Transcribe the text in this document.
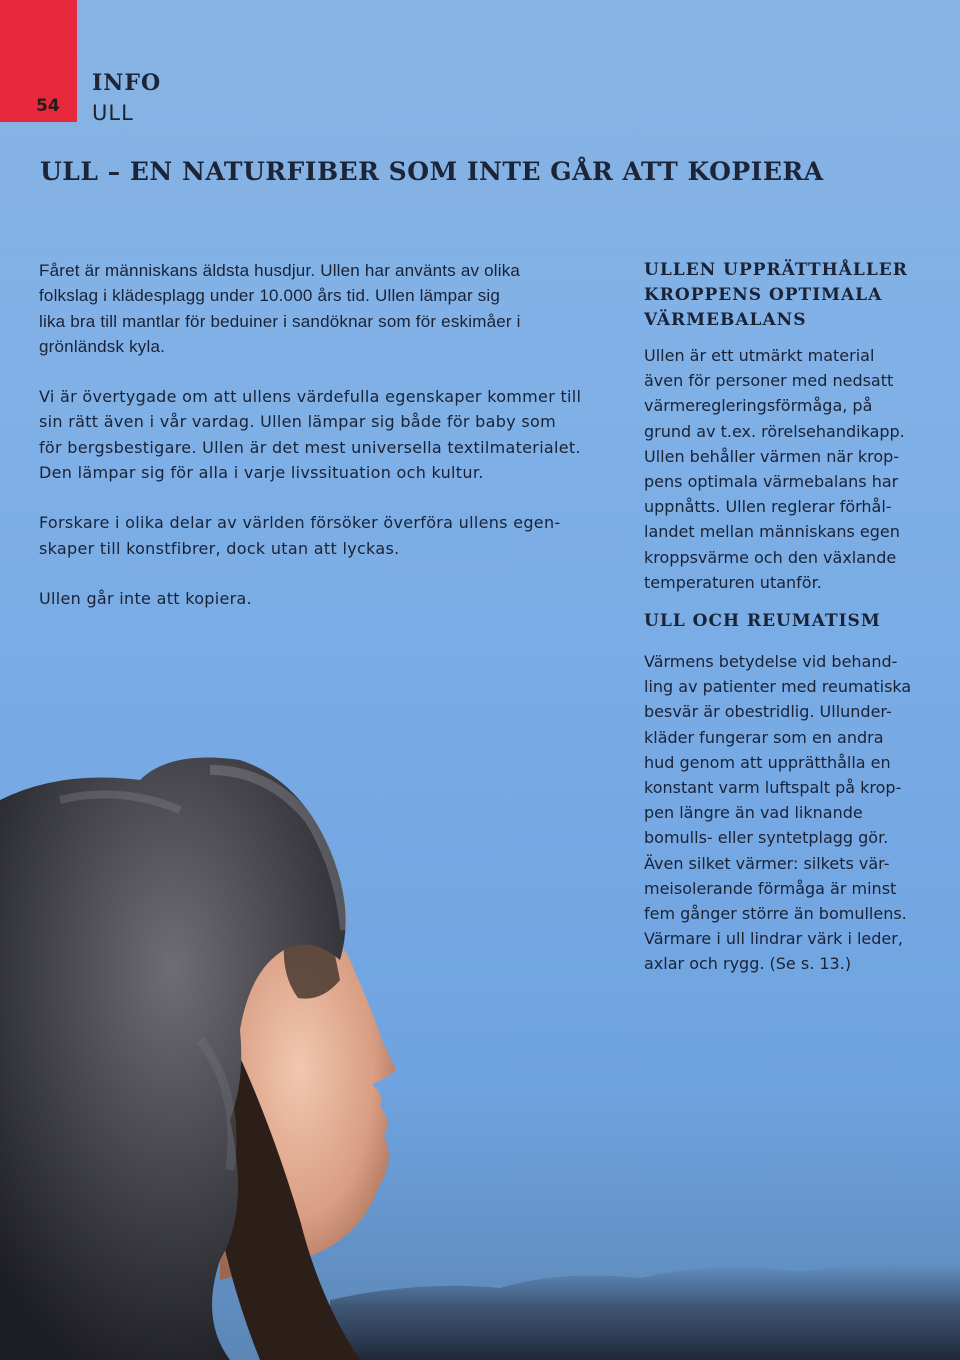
54
INFO
ULL
ULL – EN NATURFIBER SOM INTE GÅR ATT KOPIERA

Fåret är människans äldsta husdjur. Ullen har använts av olika
folkslag i klädesplagg under 10.000 års tid. Ullen lämpar sig
lika bra till mantlar för beduiner i sandöknar som för eskimåer i
grönländsk kyla.

Vi är övertygade om att ullens värdefulla egenskaper kommer till
sin rätt även i vår vardag. Ullen lämpar sig både för baby som
för bergsbestigare. Ullen är det mest universella textilmaterialet.
Den lämpar sig för alla i varje livssituation och kultur.

Forskare i olika delar av världen försöker överföra ullens egen-
skaper till konstfibrer, dock utan att lyckas.

Ullen går inte att kopiera.

ULLEN UPPRÄTTHÅLLER
KROPPENS OPTIMALA
VÄRMEBALANS

Ullen är ett utmärkt material
även för personer med nedsatt
värmeregleringsförmåga, på
grund av t.ex. rörelsehandikapp.
Ullen behåller värmen när krop-
pens optimala värmebalans har
uppnåtts. Ullen reglerar förhål-
landet mellan människans egen
kroppsvärme och den växlande
temperaturen utanför.

ULL OCH REUMATISM

Värmens betydelse vid behand-
ling av patienter med reumatiska
besvär är obestridlig. Ullunder-
kläder fungerar som en andra
hud genom att upprätthålla en
konstant varm luftspalt på krop-
pen längre än vad liknande
bomulls- eller syntetplagg gör.
Även silket värmer: silkets vär-
meisolerande förmåga är minst
fem gånger större än bomullens.
Värmare i ull lindrar värk i leder,
axlar och rygg. (Se s. 13.)
